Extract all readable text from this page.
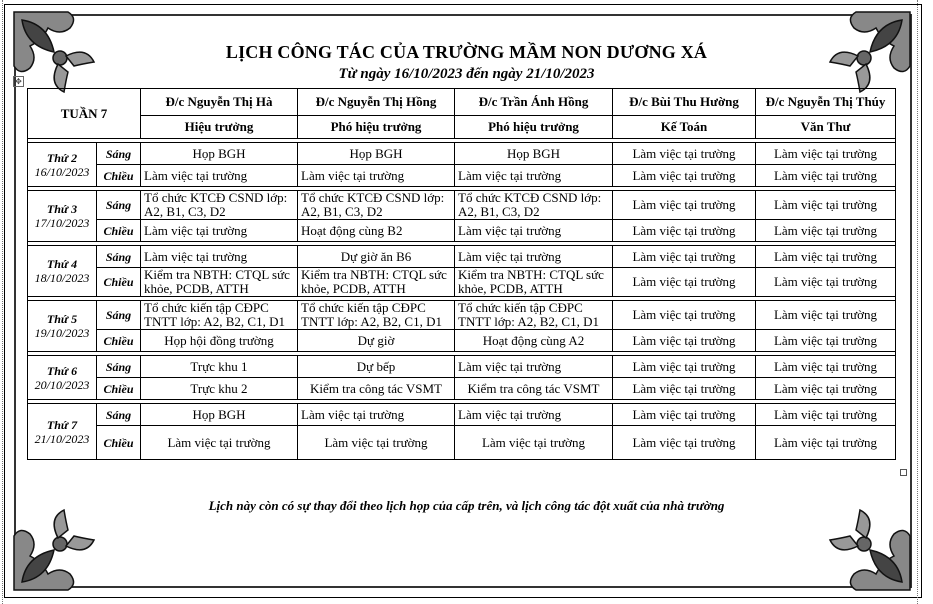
LỊCH CÔNG TÁC CỦA TRƯỜNG MẦM NON DƯƠNG XÁ
Từ ngày 16/10/2023 đến ngày 21/10/2023
✥
TUẦN 7		Đ/c Nguyễn Thị Hà	Đ/c Nguyễn Thị Hồng	Đ/c Trần Ánh Hồng	Đ/c Bùi Thu Hường	Đ/c Nguyễn Thị Thúy
		Hiệu trưởng	Phó hiệu trưởng	Phó hiệu trưởng	Kế Toán	Văn Thư

Thứ 2
16/10/2023	Sáng	Họp BGH	Họp BGH	Họp BGH	Làm việc tại trường	Làm việc tại trường
	Chiều	Làm việc tại trường	Làm việc tại trường	Làm việc tại trường	Làm việc tại trường	Làm việc tại trường

Thứ 3
17/10/2023	Sáng	Tổ chức KTCĐ CSND lớp: A2, B1, C3, D2	Tổ chức KTCĐ CSND lớp: A2, B1, C3, D2	Tổ chức KTCĐ CSND lớp: A2, B1, C3, D2	Làm việc tại trường	Làm việc tại trường
	Chiều	Làm việc tại trường	Hoạt động cùng B2	Làm việc tại trường	Làm việc tại trường	Làm việc tại trường

Thứ 4
18/10/2023	Sáng	Làm việc tại trường	Dự giờ ăn B6	Làm việc tại trường	Làm việc tại trường	Làm việc tại trường
	Chiều	Kiểm tra NBTH: CTQL sức khỏe, PCDB, ATTH	Kiểm tra NBTH: CTQL sức khỏe, PCDB, ATTH	Kiểm tra NBTH: CTQL sức khỏe, PCDB, ATTH	Làm việc tại trường	Làm việc tại trường

Thứ 5
19/10/2023	Sáng	Tổ chức kiến tập CĐPC TNTT lớp: A2, B2, C1, D1	Tổ chức kiến tập CĐPC TNTT lớp: A2, B2, C1, D1	Tổ chức kiến tập CĐPC TNTT lớp: A2, B2, C1, D1	Làm việc tại trường	Làm việc tại trường
	Chiều	Họp hội đồng trường	Dự giờ	Hoạt động cùng A2	Làm việc tại trường	Làm việc tại trường

Thứ 6
20/10/2023	Sáng	Trực khu 1	Dự bếp	Làm việc tại trường	Làm việc tại trường	Làm việc tại trường
	Chiều	Trực khu 2	Kiểm tra công tác VSMT	Kiểm tra công tác VSMT	Làm việc tại trường	Làm việc tại trường

Thứ 7
21/10/2023	Sáng	Họp BGH	Làm việc tại trường	Làm việc tại trường	Làm việc tại trường	Làm việc tại trường
	Chiều	Làm việc tại trường	Làm việc tại trường	Làm việc tại trường	Làm việc tại trường	Làm việc tại trường
Lịch này còn có sự thay đổi theo lịch họp của cấp trên, và lịch công tác đột xuất của nhà trường
